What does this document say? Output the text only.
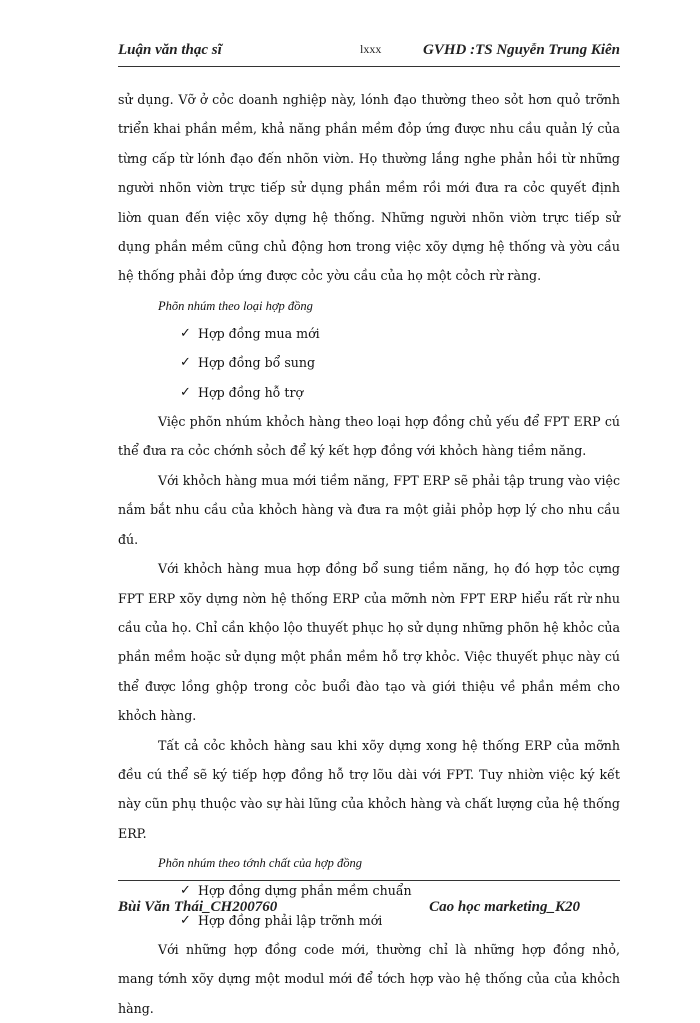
Luận văn thạc sĩ	lxxx	GVHD :TS Nguyễn Trung Kiên

sử dụng. Vỡ ở cỏc doanh nghiệp này, lónh đạo thường theo sỏt hơn quỏ trỡnh triển khai phần mềm, khả năng phần mềm đỏp ứng được nhu cầu quản lý của từng cấp từ lónh đạo đến nhõn viờn. Họ thường lắng nghe phản hồi từ những người nhõn viờn trực tiếp sử dụng phần mềm rồi mới đưa ra cỏc quyết định liờn quan đến việc xõy dựng hệ thống. Những người nhõn viờn trực tiếp sử dụng phần mềm cũng chủ động hơn trong việc xõy dựng hệ thống và yờu cầu hệ thống phải đỏp ứng được cỏc yờu cầu của họ một cỏch rừ ràng.

Phõn nhúm theo loại hợp đồng
✓ Hợp đồng mua mới
✓ Hợp đồng bổ sung
✓ Hợp đồng hỗ trợ

Việc phõn nhúm khỏch hàng theo loại hợp đồng chủ yếu để FPT ERP cú thể đưa ra cỏc chớnh sỏch để ký kết hợp đồng với khỏch hàng tiềm năng.

Với khỏch hàng mua mới tiềm năng, FPT ERP sẽ phải tập trung vào việc nắm bắt nhu cầu của khỏch hàng và đưa ra một giải phỏp hợp lý cho nhu cầu đú.

Với khỏch hàng mua hợp đồng bổ sung tiềm năng, họ đó hợp tỏc cựng FPT ERP xõy dựng nờn hệ thống ERP của mỡnh nờn FPT ERP hiểu rất rừ nhu cầu của họ. Chỉ cần khộo lộo thuyết phục họ sử dụng những phõn hệ khỏc của phần mềm hoặc sử dụng một phần mềm hỗ trợ khỏc. Việc thuyết phục này cú thể được lồng ghộp trong cỏc buổi đào tạo và giới thiệu về phần mềm cho khỏch hàng.

Tất cả cỏc khỏch hàng sau khi xõy dựng xong hệ thống ERP của mỡnh đều cú thể sẽ ký tiếp hợp đồng hỗ trợ lõu dài với FPT. Tuy nhiờn việc ký kết này cũn phụ thuộc vào sự hài lũng của khỏch hàng và chất lượng của hệ thống ERP.

Phõn nhúm theo tớnh chất của hợp đồng
✓ Hợp đồng dựng phần mềm chuẩn
✓ Hợp đồng phải lập trỡnh mới

Với những hợp đồng code mới, thường chỉ là những hợp đồng nhỏ, mang tớnh xõy dựng một modul mới để tớch hợp vào hệ thống của của khỏch hàng.

Bùi Văn Thái_CH200760	Cao học marketing_K20
